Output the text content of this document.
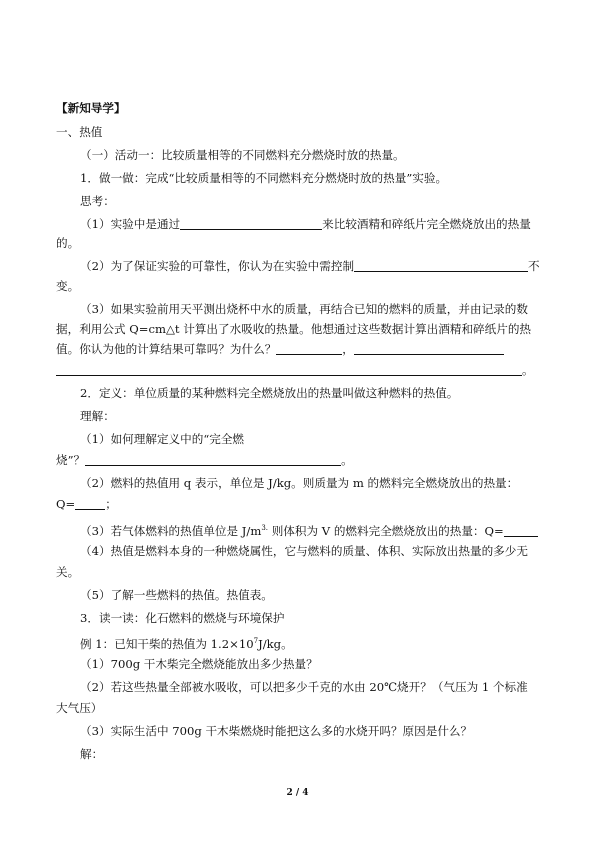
【新知导学】
一、热值
（一）活动一：比较质量相等的不同燃料充分燃烧时放的热量。
1．做一做：完成“比较质量相等的不同燃料充分燃烧时放的热量”实验。
思考：
（1）实验中是通过	来比较酒精和碎纸片完全燃烧放出的热量
的。
（2）为了保证实验的可靠性，你认为在实验中需控制	不
变。
（3）如果实验前用天平测出烧杯中水的质量，再结合已知的燃料的质量，并由记录的数
据，利用公式 Q=cm△t 计算出了水吸收的热量。他想通过这些数据计算出酒精和碎纸片的热
值。你认为他的计算结果可靠吗？为什么？	，
。
2．定义：单位质量的某种燃料完全燃烧放出的热量叫做这种燃料的热值。
理解：
（1）如何理解定义中的“完全燃
烧”？	。
（2）燃料的热值用 q 表示，单位是 J/kg。则质量为 m 的燃料完全燃烧放出的热量：
Q=	；
（3）若气体燃料的热值单位是 $J/m^{3.}$ 则体积为 V 的燃料完全燃烧放出的热量：Q=
（4）热值是燃料本身的一种燃烧属性，它与燃料的质量、体积、实际放出热量的多少无
关。
（5）了解一些燃料的热值。热值表。
3．读一读：化石燃料的燃烧与环境保护
例 1：已知干柴的热值为 $1.2\times 10^7J/kg$。
（1）700g 干木柴完全燃烧能放出多少热量？
（2）若这些热量全部被水吸收，可以把多少千克的水由 20℃烧开？（气压为 1 个标准
大气压）
（3）实际生活中 700g 干木柴燃烧时能把这么多的水烧开吗？原因是什么？
解：
2 / 4
